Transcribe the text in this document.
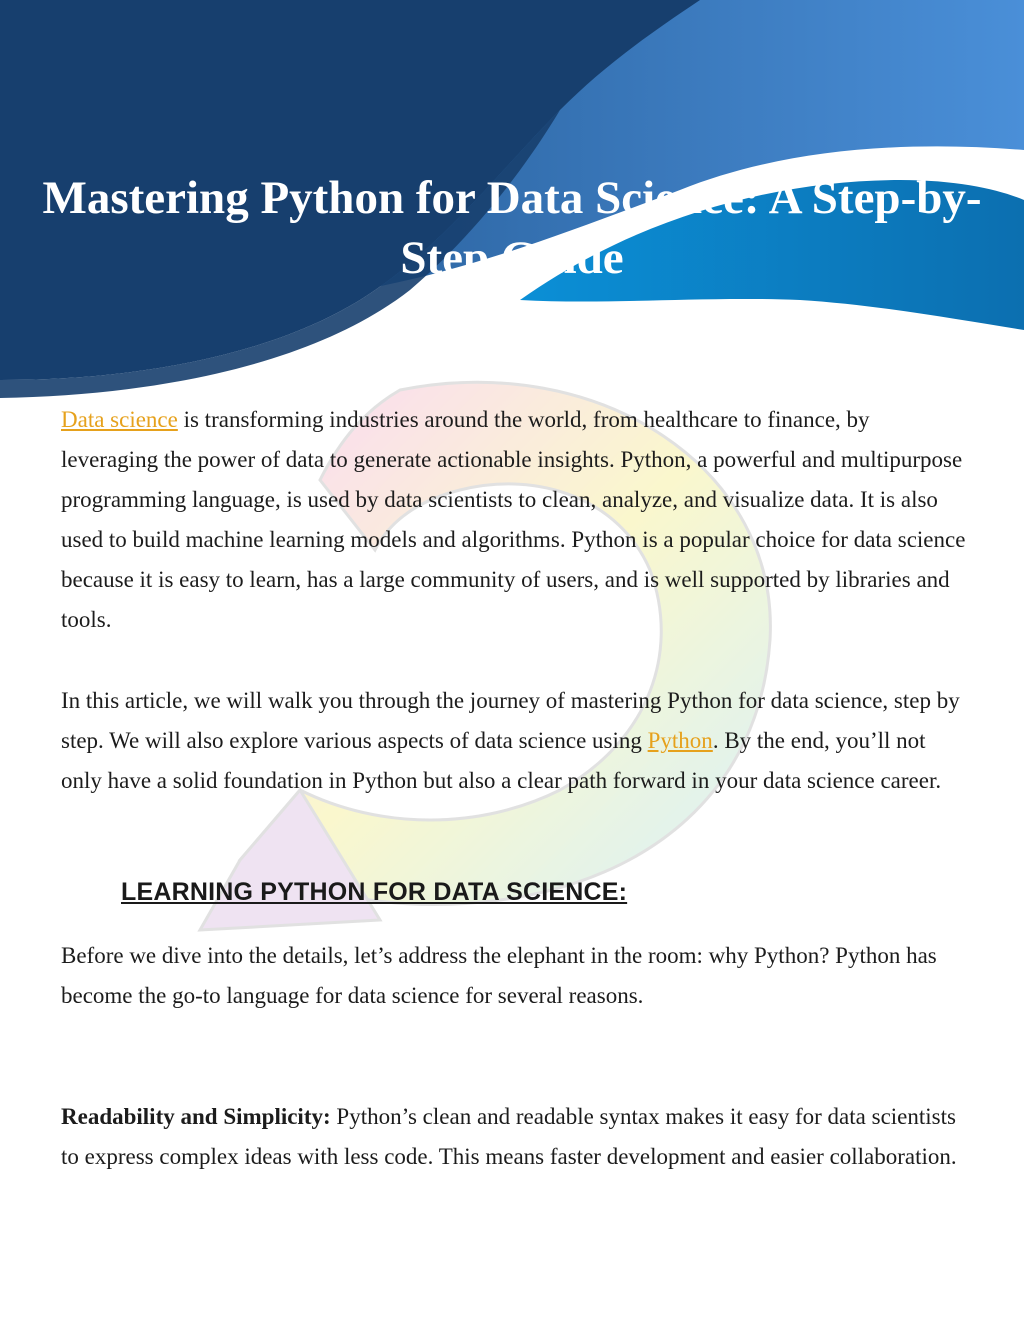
Mastering Python for Data Science: A Step-by-Step Guide

Data science is transforming industries around the world, from healthcare to finance, by leveraging the power of data to generate actionable insights. Python, a powerful and multipurpose programming language, is used by data scientists to clean, analyze, and visualize data. It is also used to build machine learning models and algorithms. Python is a popular choice for data science because it is easy to learn, has a large community of users, and is well supported by libraries and tools.

In this article, we will walk you through the journey of mastering Python for data science, step by step. We will also explore various aspects of data science using Python. By the end, you’ll not only have a solid foundation in Python but also a clear path forward in your data science career.

LEARNING PYTHON FOR DATA SCIENCE:

Before we dive into the details, let’s address the elephant in the room: why Python? Python has become the go-to language for data science for several reasons.

Readability and Simplicity: Python’s clean and readable syntax makes it easy for data scientists to express complex ideas with less code. This means faster development and easier collaboration.
